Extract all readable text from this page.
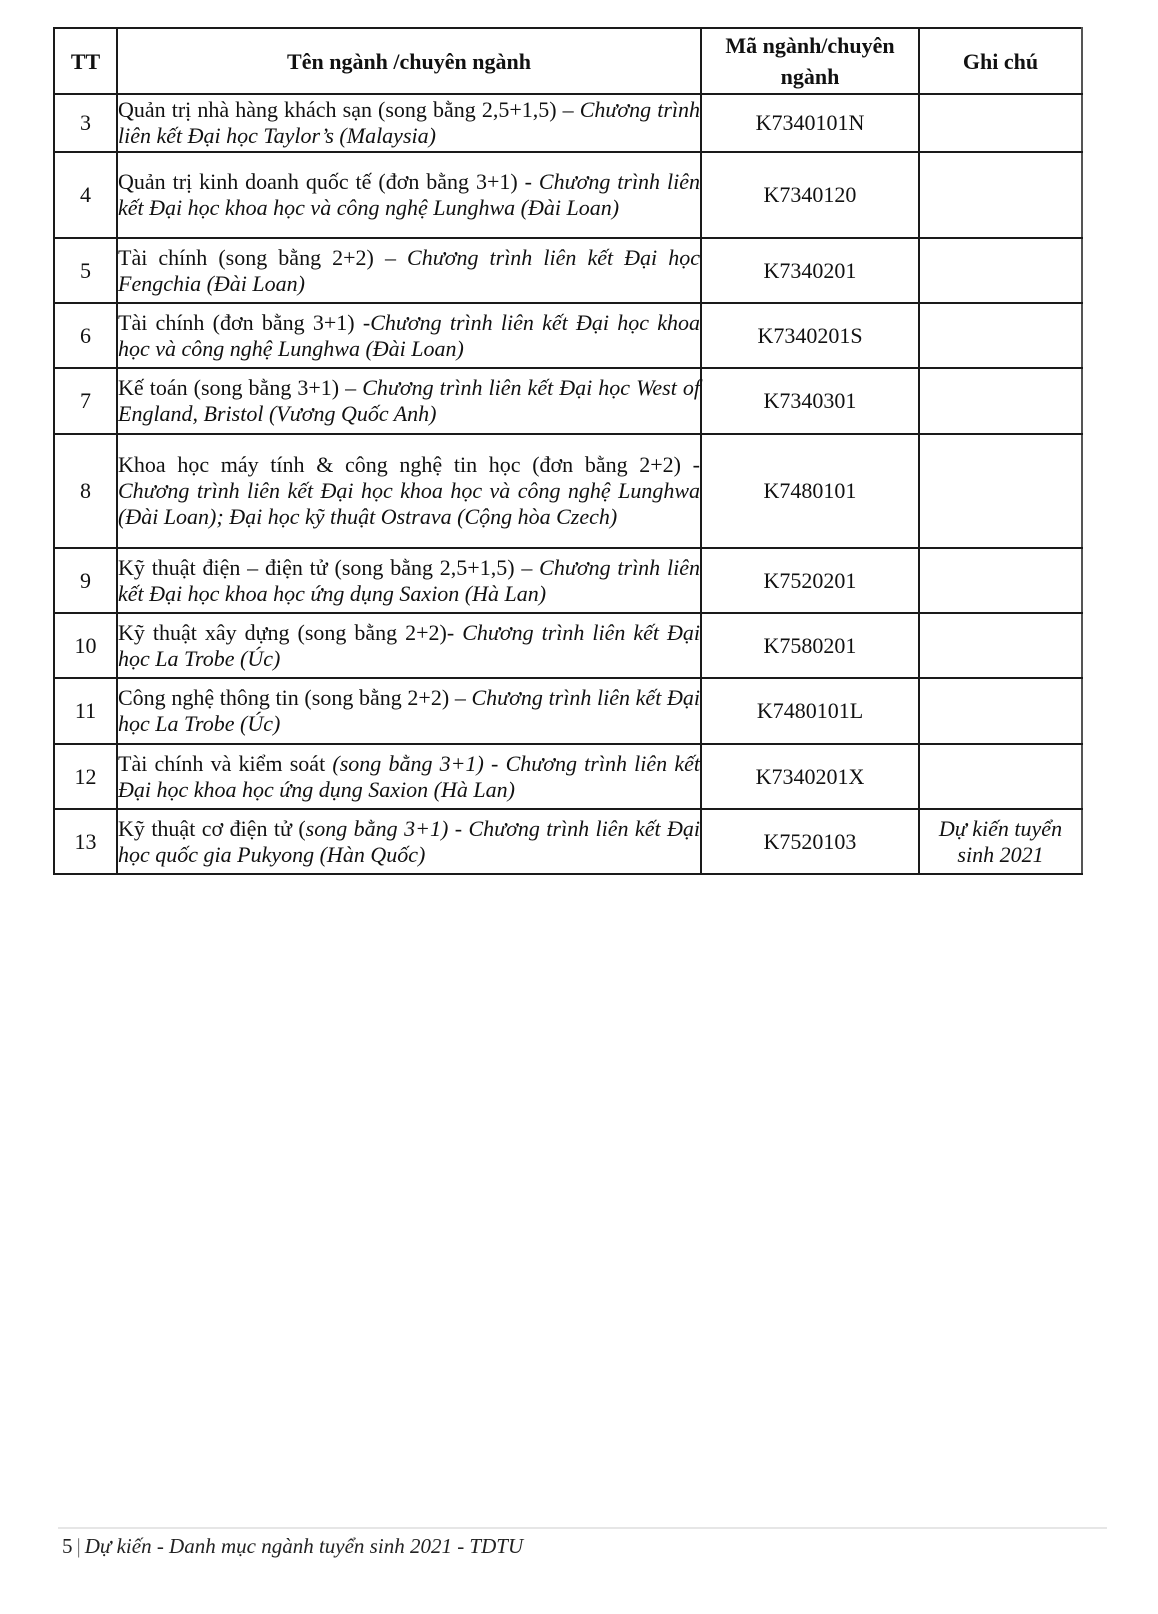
TT	Tên ngành /chuyên ngành	Mã ngành/chuyên ngành	Ghi chú
3	Quản trị nhà hàng khách sạn (song bằng 2,5+1,5) – Chương trình liên kết Đại học Taylor’s (Malaysia)	K7340101N	
4	Quản trị kinh doanh quốc tế (đơn bằng 3+1) - Chương trình liên kết Đại học khoa học và công nghệ Lunghwa (Đài Loan)	K7340120	
5	Tài chính (song bằng 2+2) – Chương trình liên kết Đại học Fengchia (Đài Loan)	K7340201	
6	Tài chính (đơn bằng 3+1) -Chương trình liên kết Đại học khoa học và công nghệ Lunghwa (Đài Loan)	K7340201S	
7	Kế toán (song bằng 3+1) – Chương trình liên kết Đại học West of England, Bristol (Vương Quốc Anh)	K7340301	
8	Khoa học máy tính & công nghệ tin học (đơn bằng 2+2) - Chương trình liên kết Đại học khoa học và công nghệ Lunghwa (Đài Loan); Đại học kỹ thuật Ostrava (Cộng hòa Czech)	K7480101	
9	Kỹ thuật điện – điện tử (song bằng 2,5+1,5) – Chương trình liên kết Đại học khoa học ứng dụng Saxion (Hà Lan)	K7520201	
10	Kỹ thuật xây dựng (song bằng 2+2)- Chương trình liên kết Đại học La Trobe (Úc)	K7580201	
11	Công nghệ thông tin (song bằng 2+2) – Chương trình liên kết Đại học La Trobe (Úc)	K7480101L	
12	Tài chính và kiểm soát (song bằng 3+1) - Chương trình liên kết Đại học khoa học ứng dụng Saxion (Hà Lan)	K7340201X	
13	Kỹ thuật cơ điện tử (song bằng 3+1) - Chương trình liên kết Đại học quốc gia Pukyong (Hàn Quốc)	K7520103	Dự kiến tuyển sinh 2021
5 | Dự kiến - Danh mục ngành tuyển sinh 2021 - TDTU
